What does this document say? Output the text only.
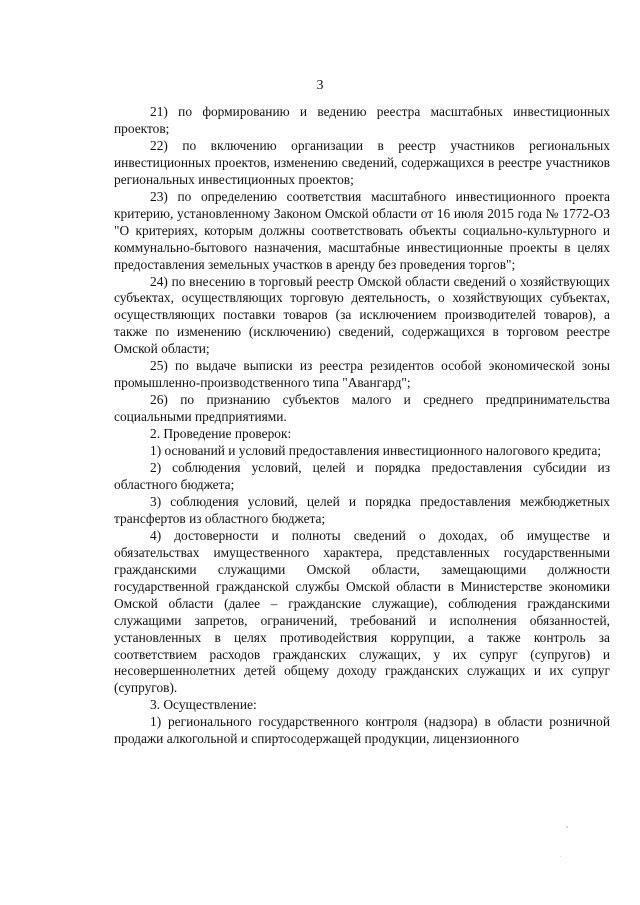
3

21) по формированию и ведению реестра масштабных инвестиционных проектов;

22) по включению организации в реестр участников региональных инвестиционных проектов, изменению сведений, содержащихся в реестре участников региональных инвестиционных проектов;

23) по определению соответствия масштабного инвестиционного проекта критерию, установленному Законом Омской области от 16 июля 2015 года № 1772-ОЗ "О критериях, которым должны соответствовать объекты социально-культурного и коммунально-бытового назначения, масштабные инвестиционные проекты в целях предоставления земельных участков в аренду без проведения торгов";

24) по внесению в торговый реестр Омской области сведений о хозяйствующих субъектах, осуществляющих торговую деятельность, о хозяйствующих субъектах, осуществляющих поставки товаров (за исключением производителей товаров), а также по изменению (исключению) сведений, содержащихся в торговом реестре Омской области;

25) по выдаче выписки из реестра резидентов особой экономической зоны промышленно-производственного типа "Авангард";

26) по признанию субъектов малого и среднего предпринимательства социальными предприятиями.

2. Проведение проверок:

1) оснований и условий предоставления инвестиционного налогового кредита;

2) соблюдения условий, целей и порядка предоставления субсидии из областного бюджета;

3) соблюдения условий, целей и порядка предоставления межбюджетных трансфертов из областного бюджета;

4) достоверности и полноты сведений о доходах, об имуществе и обязательствах имущественного характера, представленных государственными гражданскими служащими Омской области, замещающими должности государственной гражданской службы Омской области в Министерстве экономики Омской области (далее – гражданские служащие), соблюдения гражданскими служащими запретов, ограничений, требований и исполнения обязанностей, установленных в целях противодействия коррупции, а также контроль за соответствием расходов гражданских служащих, у их супруг (супругов) и несовершеннолетних детей общему доходу гражданских служащих и их супруг (супругов).

3. Осуществление:

1) регионального государственного контроля (надзора) в области розничной продажи алкогольной и спиртосодержащей продукции, лицензионного
